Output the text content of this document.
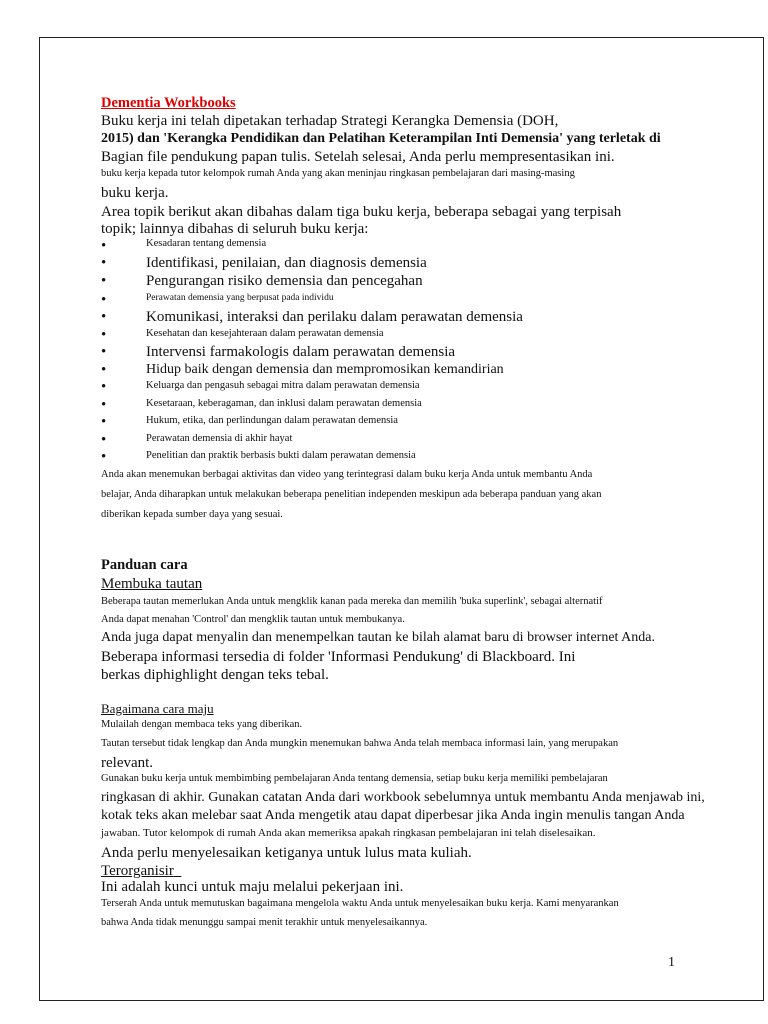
Dementia Workbooks
Buku kerja ini telah dipetakan terhadap Strategi Kerangka Demensia (DOH,
2015) dan 'Kerangka Pendidikan dan Pelatihan Keterampilan Inti Demensia' yang terletak di
Bagian file pendukung papan tulis. Setelah selesai, Anda perlu mempresentasikan ini.
buku kerja kepada tutor kelompok rumah Anda yang akan meninjau ringkasan pembelajaran dari masing-masing
buku kerja.
Area topik berikut akan dibahas dalam tiga buku kerja, beberapa sebagai yang terpisah
topik; lainnya dibahas di seluruh buku kerja:
•	Kesadaran tentang demensia
•	Identifikasi, penilaian, dan diagnosis demensia
•	Pengurangan risiko demensia dan pencegahan
•	Perawatan demensia yang berpusat pada individu
•	Komunikasi, interaksi dan perilaku dalam perawatan demensia
•	Kesehatan dan kesejahteraan dalam perawatan demensia
•	Intervensi farmakologis dalam perawatan demensia
•	Hidup baik dengan demensia dan mempromosikan kemandirian
•	Keluarga dan pengasuh sebagai mitra dalam perawatan demensia
•	Kesetaraan, keberagaman, dan inklusi dalam perawatan demensia
•	Hukum, etika, dan perlindungan dalam perawatan demensia
•	Perawatan demensia di akhir hayat
•	Penelitian dan praktik berbasis bukti dalam perawatan demensia
Anda akan menemukan berbagai aktivitas dan video yang terintegrasi dalam buku kerja Anda untuk membantu Anda
belajar, Anda diharapkan untuk melakukan beberapa penelitian independen meskipun ada beberapa panduan yang akan
diberikan kepada sumber daya yang sesuai.
Panduan cara
Membuka tautan
Beberapa tautan memerlukan Anda untuk mengklik kanan pada mereka dan memilih 'buka superlink', sebagai alternatif
Anda dapat menahan 'Control' dan mengklik tautan untuk membukanya.
Anda juga dapat menyalin dan menempelkan tautan ke bilah alamat baru di browser internet Anda.
Beberapa informasi tersedia di folder 'Informasi Pendukung' di Blackboard. Ini
berkas diphighlight dengan teks tebal.
Bagaimana cara maju
Mulailah dengan membaca teks yang diberikan.
Tautan tersebut tidak lengkap dan Anda mungkin menemukan bahwa Anda telah membaca informasi lain, yang merupakan
relevant.
Gunakan buku kerja untuk membimbing pembelajaran Anda tentang demensia, setiap buku kerja memiliki pembelajaran
ringkasan di akhir. Gunakan catatan Anda dari workbook sebelumnya untuk membantu Anda menjawab ini,
kotak teks akan melebar saat Anda mengetik atau dapat diperbesar jika Anda ingin menulis tangan Anda
jawaban. Tutor kelompok di rumah Anda akan memeriksa apakah ringkasan pembelajaran ini telah diselesaikan.
Anda perlu menyelesaikan ketiganya untuk lulus mata kuliah.
Terorganisir
Ini adalah kunci untuk maju melalui pekerjaan ini.
Terserah Anda untuk memutuskan bagaimana mengelola waktu Anda untuk menyelesaikan buku kerja. Kami menyarankan
bahwa Anda tidak menunggu sampai menit terakhir untuk menyelesaikannya.
1
